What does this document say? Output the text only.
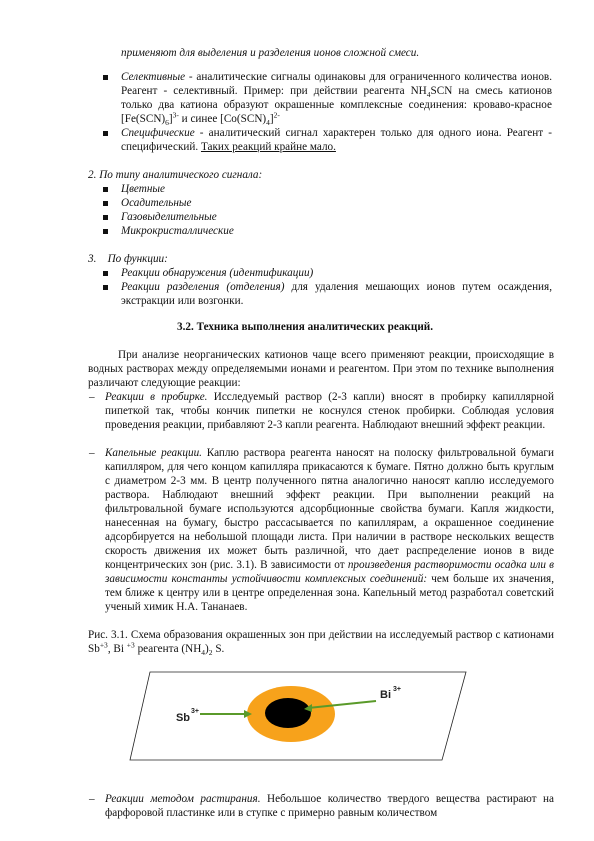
применяют для выделения и разделения ионов сложной смеси.
Селективные - аналитические сигналы одинаковы для ограниченного количества ионов. Реагент - селективный. Пример: при действии реагента $NH_4SCN$ на смесь катионов только два катиона образуют окрашенные комплексные соединения: кроваво-красное $[Fe(SCN)_6]^{3-}$ и синее $[Co(SCN)_4]^{2-}$
Специфические - аналитический сигнал характерен только для одного иона. Реагент - специфический. Таких реакций крайне мало.
2. По типу аналитического сигнала:
Цветные
Осадительные
Газовыделительные
Микрокристаллические
3.    По функции:
Реакции обнаружения (идентификации)
Реакции разделения (отделения) для удаления мешающих ионов путем осаждения, экстракции или возгонки.
3.2. Техника выполнения аналитических реакций.
При анализе неорганических катионов чаще всего применяют реакции, происходящие в водных растворах между определяемыми ионами и реагентом. При этом по технике выполнения различают следующие реакции:
– Реакции в пробирке. Исследуемый раствор (2-3 капли) вносят в пробирку капиллярной пипеткой так, чтобы кончик пипетки не коснулся стенок пробирки. Соблюдая условия проведения реакции, прибавляют 2-3 капли реагента. Наблюдают внешний эффект реакции.
– Капельные реакции. Каплю раствора реагента наносят на полоску фильтровальной бумаги капилляром, для чего концом капилляра прикасаются к бумаге. Пятно должно быть круглым с диаметром 2-3 мм. В центр полученного пятна аналогично наносят каплю исследуемого раствора. Наблюдают внешний эффект реакции. При выполнении реакций на фильтровальной бумаге используются адсорбционные свойства бумаги. Капля жидкости, нанесенная на бумагу, быстро рассасывается по капиллярам, а окрашенное соединение адсорбируется на небольшой площади листа. При наличии в растворе нескольких веществ скорость движения их может быть различной, что дает распределение ионов в виде концентрических зон (рис. 3.1). В зависимости от произведения растворимости осадка или в зависимости константы устойчивости комплексных соединений: чем больше их значения, тем ближе к центру или в центре определенная зона. Капельный метод разработал советский ученый химик Н.А. Тананаев.
Рис. 3.1. Схема образования окрашенных зон при действии на исследуемый раствор с катионами $Sb^{+3}$, Bi $^{+3}$ реагента $(NH_4)_2$ S.
Sb
3+
Bi 3+
– Реакции методом растирания. Небольшое количество твердого вещества растирают на фарфоровой пластинке или в ступке с примерно равным количеством
